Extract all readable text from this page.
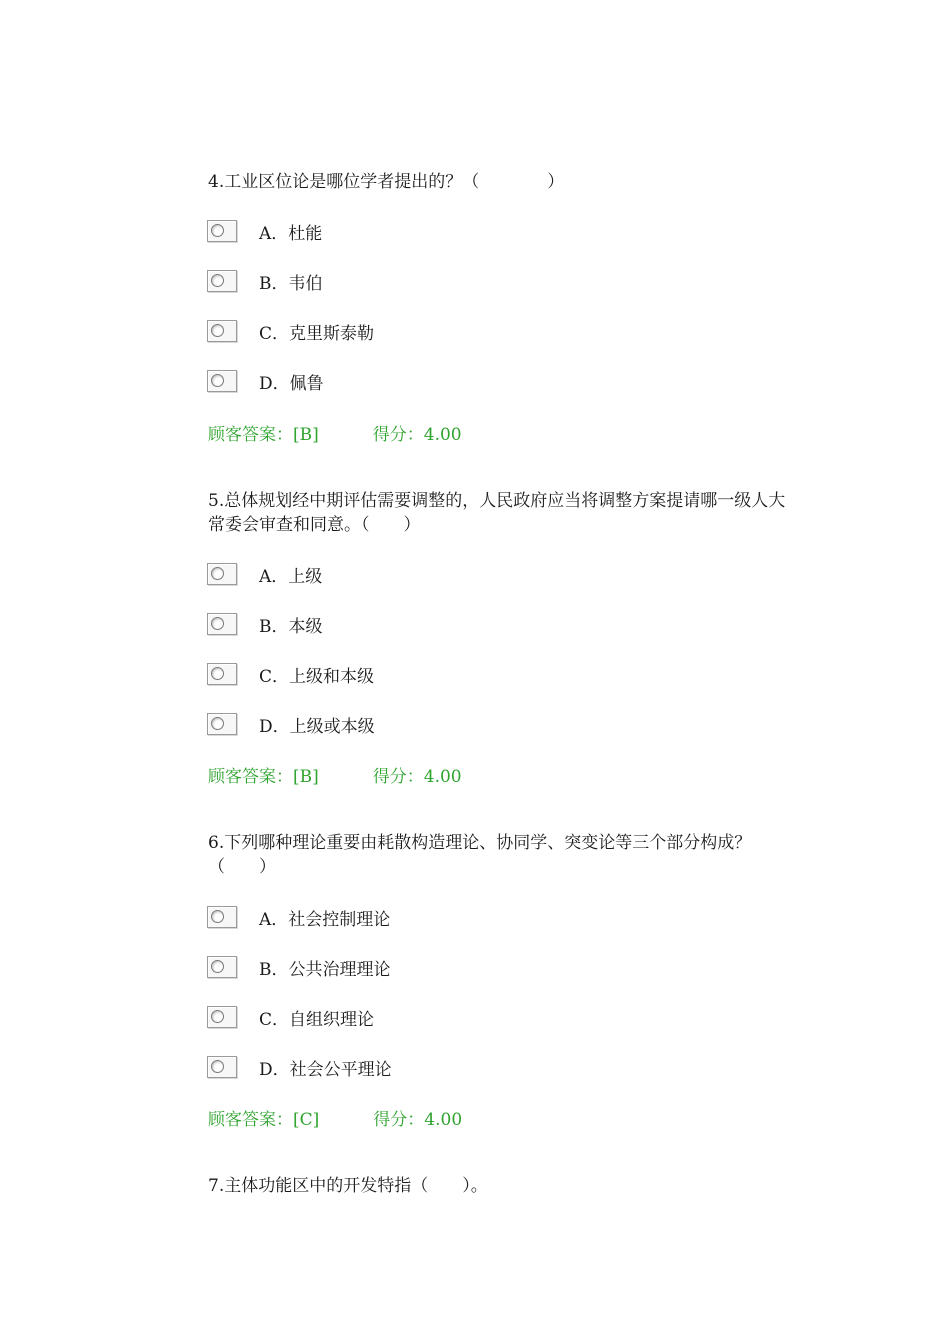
4.工业区位论是哪位学者提出的？（　　　　）

A．杜能
B．韦伯
C．克里斯泰勒
D．佩鲁
顾客答案：[B]	得分：4.00

5.总体规划经中期评估需要调整的，人民政府应当将调整方案提请哪一级人大常委会审查和同意。（　　）

A．上级
B．本级
C．上级和本级
D．上级或本级
顾客答案：[B]	得分：4.00

6.下列哪种理论重要由耗散构造理论、协同学、突变论等三个部分构成？（　　）

A．社会控制理论
B．公共治理理论
C．自组织理论
D．社会公平理论
顾客答案：[C]	得分：4.00

7.主体功能区中的开发特指（　　）。
